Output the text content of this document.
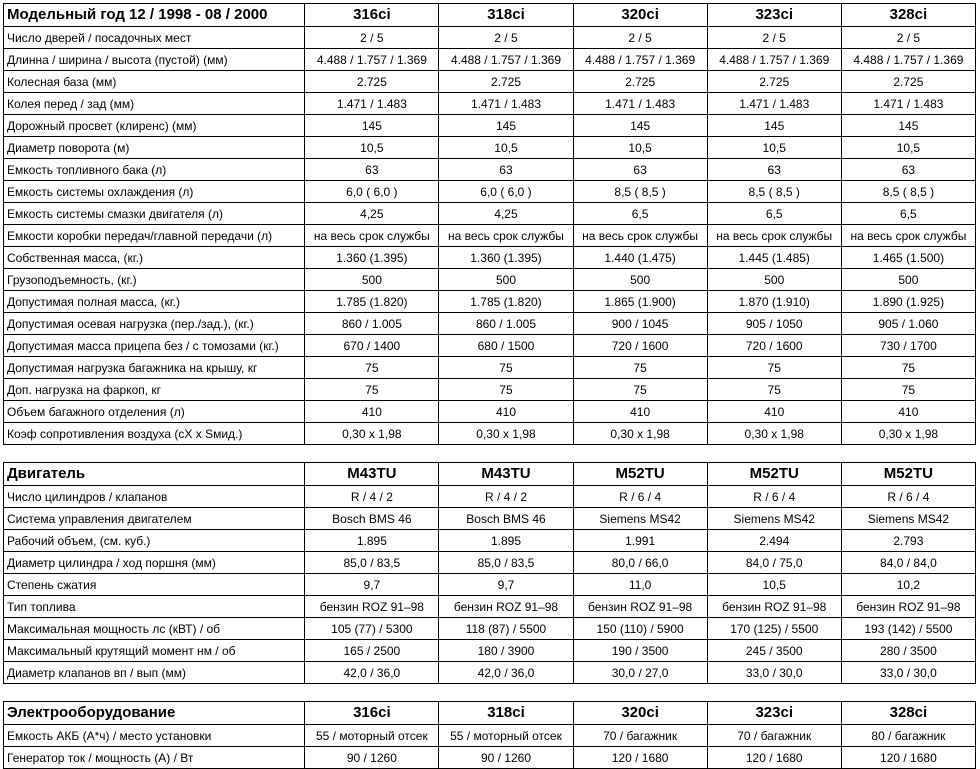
Модельный год 12 / 1998 - 08 / 2000	316ci	318ci	320ci	323ci	328ci
Число дверей / посадочных мест	2 / 5	2 / 5	2 / 5	2 / 5	2 / 5
Длинна / ширина / высота (пустой) (мм)	4.488 / 1.757 / 1.369	4.488 / 1.757 / 1.369	4.488 / 1.757 / 1.369	4.488 / 1.757 / 1.369	4.488 / 1.757 / 1.369
Колесная база (мм)	2.725	2.725	2.725	2.725	2.725
Колея перед / зад (мм)	1.471 / 1.483	1.471 / 1.483	1.471 / 1.483	1.471 / 1.483	1.471 / 1.483
Дорожный просвет (клиренс) (мм)	145	145	145	145	145
Диаметр поворота (м)	10,5	10,5	10,5	10,5	10,5
Емкость топливного бака (л)	63	63	63	63	63
Емкость системы охлаждения (л)	6,0 ( 6,0 )	6,0 ( 6,0 )	8,5 ( 8,5 )	8,5 ( 8,5 )	8,5 ( 8,5 )
Емкость системы смазки двигателя (л)	4,25	4,25	6,5	6,5	6,5
Емкости коробки передач/главной передачи (л)	на весь срок службы	на весь срок службы	на весь срок службы	на весь срок службы	на весь срок службы
Собственная масса, (кг.)	1.360 (1.395)	1.360 (1.395)	1.440 (1.475)	1.445 (1.485)	1.465 (1.500)
Грузоподъемность, (кг.)	500	500	500	500	500
Допустимая полная масса, (кг.)	1.785 (1.820)	1.785 (1.820)	1.865 (1.900)	1.870 (1.910)	1.890 (1.925)
Допустимая осевая нагрузка (пер./зад.), (кг.)	860 / 1.005	860 / 1.005	900 / 1045	905 / 1050	905 / 1.060
Допустимая масса прицепа без / с томозами (кг.)	670 / 1400	680 / 1500	720 / 1600	720 / 1600	730 / 1700
Допустимая нагрузка багажника на крышу, кг	75	75	75	75	75
Доп. нагрузка на фаркоп, кг	75	75	75	75	75
Объем багажного отделения (л)	410	410	410	410	410
Коэф сопротивления воздуха (cX x Sмид.)	0,30 x 1,98	0,30 x 1,98	0,30 x 1,98	0,30 x 1,98	0,30 x 1,98
Двигатель	M43TU	M43TU	M52TU	M52TU	M52TU
Число цилиндров / клапанов	R / 4 / 2	R / 4 / 2	R / 6 / 4	R / 6 / 4	R / 6 / 4
Система управления двигателем	Bosch BMS 46	Bosch BMS 46	Siemens MS42	Siemens MS42	Siemens MS42
Рабочий объем, (см. куб.)	1.895	1.895	1.991	2.494	2.793
Диаметр цилиндра / ход поршня (мм)	85,0 / 83,5	85,0 / 83,5	80,0 / 66,0	84,0 / 75,0	84,0 / 84,0
Степень сжатия	9,7	9,7	11,0	10,5	10,2
Тип топлива	бензин ROZ 91–98	бензин ROZ 91–98	бензин ROZ 91–98	бензин ROZ 91–98	бензин ROZ 91–98
Максимальная мощность лс (кВТ) / об	105 (77) / 5300	118 (87) / 5500	150 (110) / 5900	170 (125) / 5500	193 (142) / 5500
Максимальный крутящий момент нм / об	165 / 2500	180 / 3900	190 / 3500	245 / 3500	280 / 3500
Диаметр клапанов вп / вып (мм)	42,0 / 36,0	42,0 / 36,0	30,0 / 27,0	33,0 / 30,0	33,0 / 30,0
Электрооборудование	316ci	318ci	320ci	323ci	328ci
Емкость АКБ (А*ч) / место установки	55 / моторный отсек	55 / моторный отсек	70 / багажник	70 / багажник	80 / багажник
Генератор ток / мощность (А) / Вт	90 / 1260	90 / 1260	120 / 1680	120 / 1680	120 / 1680
